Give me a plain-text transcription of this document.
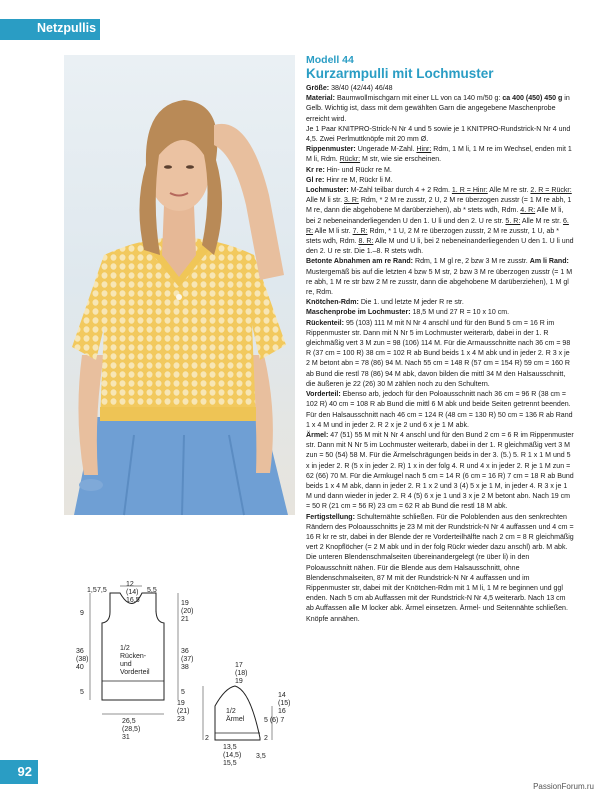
Netzpullis
Modell 44
Kurzarmpulli mit Lochmuster

Größe: 38/40 (42/44) 46/48

Material: Baumwollmischgarn mit einer LL von ca 140 m/50 g: ca 400 (450) 450 g in Gelb. Wichtig ist, dass mit dem gewählten Garn die angegebene Maschenprobe erreicht wird.

Je 1 Paar KNITPRO-Strick-N Nr 4 und 5 sowie je 1 KNITPRO-Rundstrick-N Nr 4 und 4,5. Zwei Perlmuttknöpfe mit 20 mm Ø.

Rippenmuster: Ungerade M-Zahl. Hinr: Rdm, 1 M li, 1 M re im Wechsel, enden mit 1 M li, Rdm. Rückr: M str, wie sie erscheinen.

Kr re: Hin- und Rückr re M.

Gl re: Hinr re M, Rückr li M.

Lochmuster: M-Zahl teilbar durch 4 + 2 Rdm. 1. R = Hinr: Alle M re str. 2. R = Rückr: Alle M li str. 3. R: Rdm, * 2 M re zusstr, 2 U, 2 M re überzogen zusstr (= 1 M re abh, 1 M re, dann die abgehobene M darüberziehen), ab * stets wdh, Rdm. 4. R: Alle M li, bei 2 nebeneinanderliegenden U den 1. U li und den 2. U re str. 5. R: Alle M re str. 6. R: Alle M li str. 7. R: Rdm, * 1 U, 2 M re überzogen zusstr, 2 M re zusstr, 1 U, ab * stets wdh, Rdm. 8. R: Alle M und U li, bei 2 nebeneinanderliegenden U den 1. U li und den 2. U re str. Die 1.–8. R stets wdh.

Betonte Abnahmen am re Rand: Rdm, 1 M gl re, 2 bzw 3 M re zusstr. Am li Rand: Mustergemäß bis auf die letzten 4 bzw 5 M str, 2 bzw 3 M re überzogen zusstr (= 1 M re abh, 1 M re str bzw 2 M re zusstr, dann die abgehobene M darüberziehen), 1 M gl re, Rdm.

Knötchen-Rdm: Die 1. und letzte M jeder R re str.

Maschenprobe im Lochmuster: 18,5 M und 27 R = 10 x 10 cm.

Rückenteil: 95 (103) 111 M mit N Nr 4 anschl und für den Bund 5 cm = 16 R im Rippenmuster str. Dann mit N Nr 5 im Lochmuster weiterarb, dabei in der 1. R gleichmäßig vert 3 M zun = 98 (106) 114 M. Für die Armausschnitte nach 36 cm = 98 R (37 cm = 100 R) 38 cm = 102 R ab Bund beids 1 x 4 M abk und in jeder 2. R 3 x je 2 M betont abn = 78 (86) 94 M. Nach 55 cm = 148 R (57 cm = 154 R) 59 cm = 160 R ab Bund die restl 78 (86) 94 M abk, davon bilden die mittl 34 M den Halsausschnitt, die äußeren je 22 (26) 30 M zählen noch zu den Schultern.

Vorderteil: Ebenso arb, jedoch für den Poloausschnitt nach 36 cm = 96 R (38 cm = 102 R) 40 cm = 108 R ab Bund die mittl 6 M abk und beide Seiten getrennt beenden. Für den Halsausschnitt nach 46 cm = 124 R (48 cm = 130 R) 50 cm = 136 R ab Rand 1 x 4 M und in jeder 2. R 2 x je 2 und 6 x je 1 M abk.

Ärmel: 47 (51) 55 M mit N Nr 4 anschl und für den Bund 2 cm = 6 R im Rippenmuster str. Dann mit N Nr 5 im Lochmuster weiterarb, dabei in der 1. R gleichmäßig vert 3 M zun = 50 (54) 58 M. Für die Ärmelschrägungen beids in der 3. (5.) 5. R 1 x 1 M und 5 x in jeder 2. R (5 x in jeder 2. R) 1 x in der folg 4. R und 4 x in jeder 2. R je 1 M zun = 62 (66) 70 M. Für die Armkugel nach 5 cm = 14 R (6 cm = 16 R) 7 cm = 18 R ab Bund beids 1 x 4 M abk, dann in jeder 2. R 1 x 2 und 3 (4) 5 x je 1 M, in jeder 4. R 3 x je 1 M und dann wieder in jeder 2. R 4 (5) 6 x je 1 und 3 x je 2 M betont abn. Nach 19 cm = 50 R (21 cm = 56 R) 23 cm = 62 R ab Bund die restl 18 M abk.

Fertigstellung: Schulternähte schließen. Für die Poloblenden aus den senkrechten Rändern des Poloausschnitts je 23 M mit der Rundstrick-N Nr 4 auffassen und 4 cm = 16 R kr re str, dabei in der Blende der re Vorderteilhälfte nach 2 cm = 8 R gleichmäßig vert 2 Knopflöcher (= 2 M abk und in der folg Rückr wieder dazu anschl) arb. M abk. Die unteren Blendenschmalseiten übereinandergelegt (re über li) in den Poloausschnitt nähen. Für die Blende aus dem Halsausschnitt, ohne Blendenschmalseiten, 87 M mit der Rundstrick-N Nr 4 auffassen und im Rippenmuster str, dabei mit der Knötchen-Rdm mit 1 M li, 1 M re beginnen und ggl enden. Nach 5 cm ab Auffassen mit der Rundstrick-N Nr 4,5 weiterarb. Nach 13 cm ab Auffassen alle M locker abk. Ärmel einsetzen. Ärmel- und Seitennähte schließen. Knöpfe annähen.

1,5 7,5	5,5
12 (14) 16,5
9
19 (20) 21
36 (38) 40
36 (37) 38
5	5
26,5 (28,5) 31
1/2 Rücken-und Vorderteil
17 (18) 19
19 (21) 23
14 (15) 16
5 (6) 7
2	2
13,5 (14,5) 15,5
3,5
1/2 Ärmel
92
PassionForum.ru
